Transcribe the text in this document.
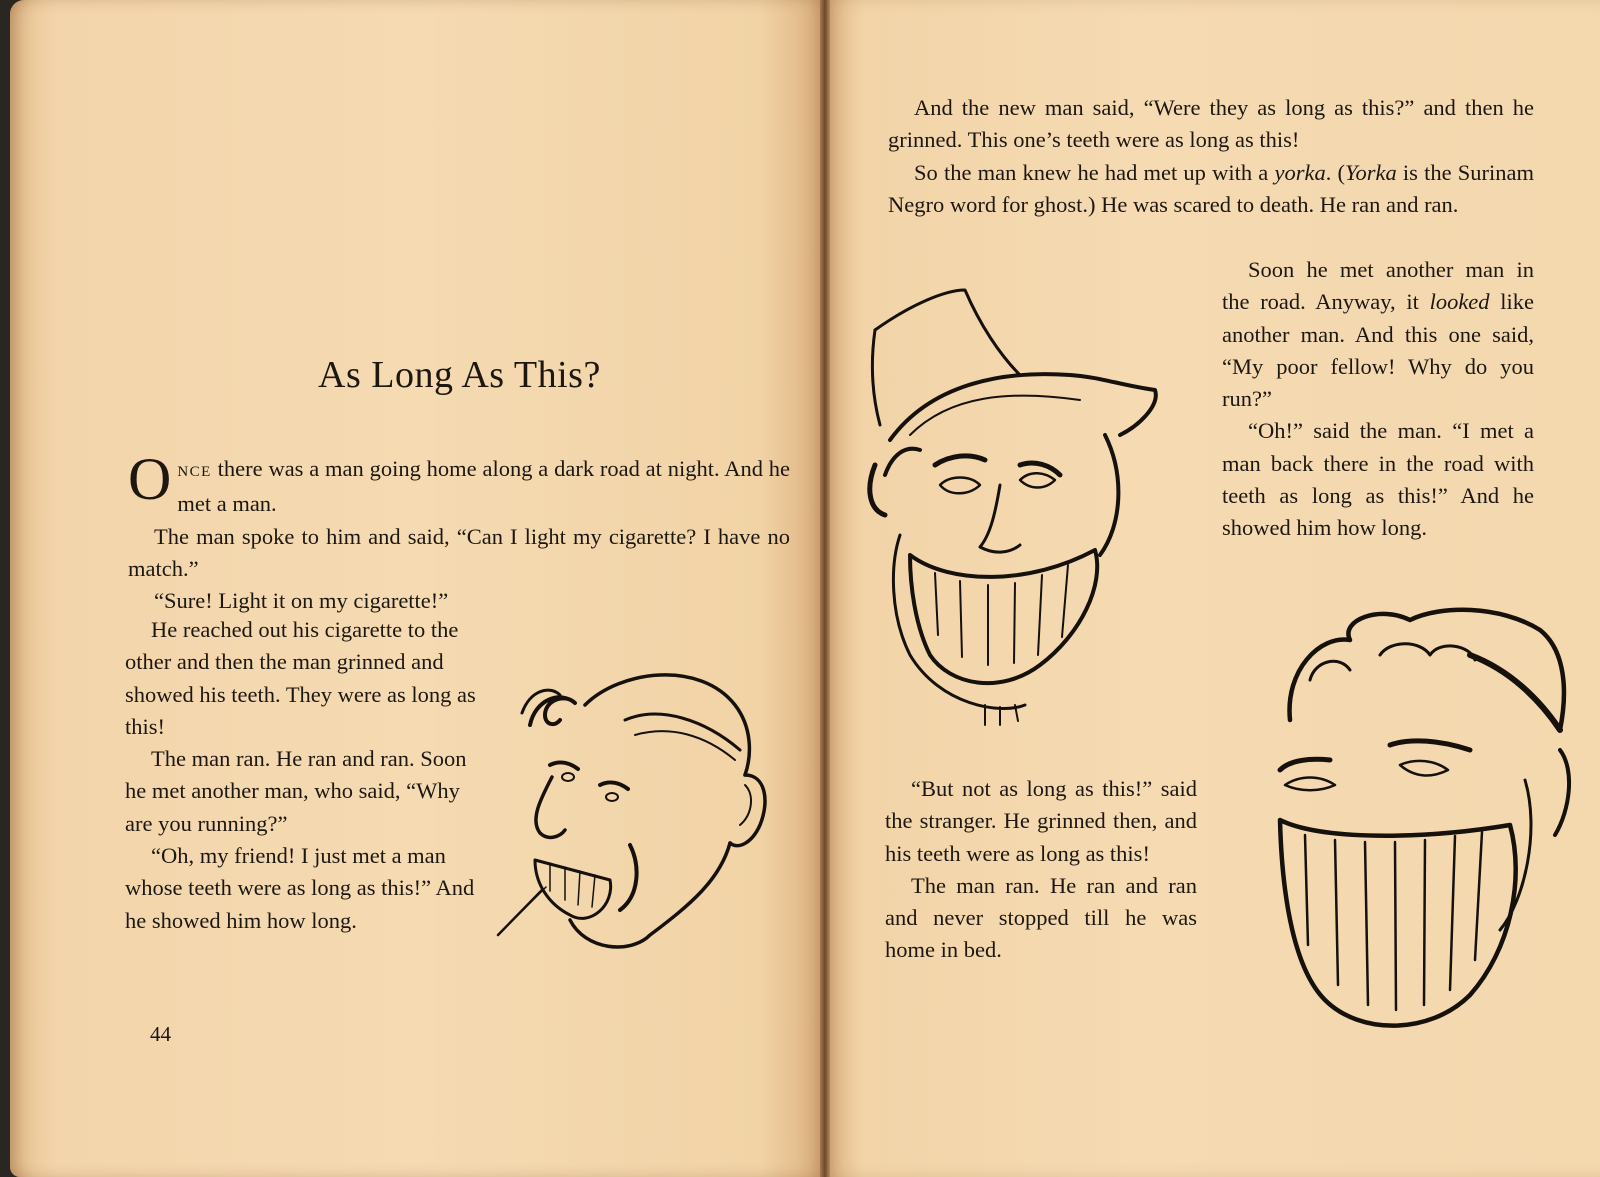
As Long As This?

ONCE there was a man going home along a dark road at night. And he met a man.

The man spoke to him and said, “Can I light my cigarette? I have no match.”

“Sure! Light it on my cigarette!”

He reached out his cigarette to the other and then the man grinned and showed his teeth. They were as long as this!

The man ran. He ran and ran. Soon he met another man, who said, “Why are you running?”

“Oh, my friend! I just met a man whose teeth were as long as this!” And he showed him how long.

44

And the new man said, “Were they as long as this?” and then he grinned. This one’s teeth were as long as this!

So the man knew he had met up with a yorka. (Yorka is the Surinam Negro word for ghost.) He was scared to death. He ran and ran.

Soon he met another man in the road. Anyway, it looked like another man. And this one said, “My poor fellow! Why do you run?”

“Oh!” said the man. “I met a man back there in the road with teeth as long as this!” And he showed him how long.

“But not as long as this!” said the stranger. He grinned then, and his teeth were as long as this!

The man ran. He ran and ran and never stopped till he was home in bed.
